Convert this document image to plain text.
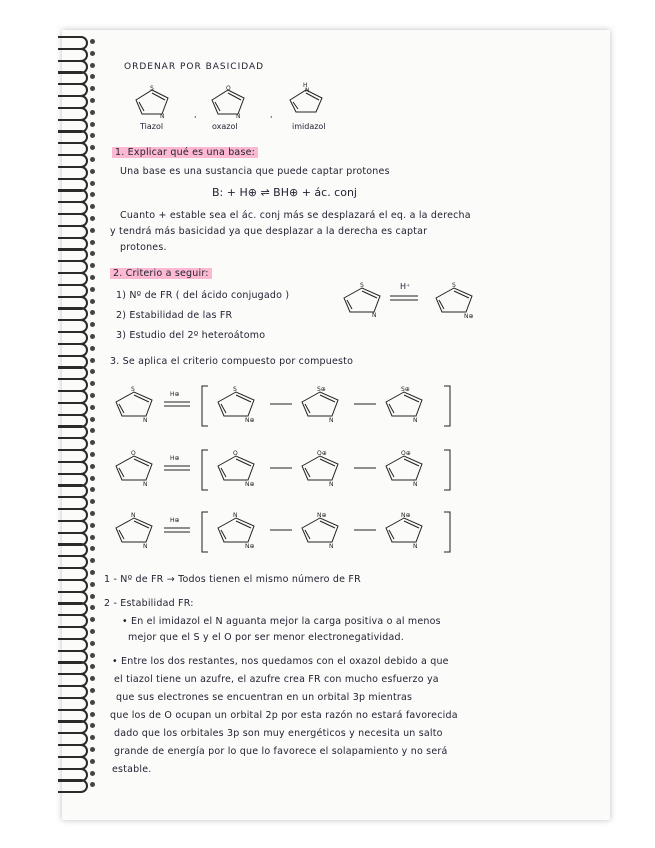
ORDENAR POR BASICIDAD
S
N
Tiazol
,
O
N
oxazol
,
H
N
imidazol
1. Explicar qué es una base:
Una base es una sustancia que puede captar protones
B: + H⊕ ⇌ BH⊕ + ác. conj
Cuanto + estable sea el ác. conj más se desplazará el eq. a la derecha
y tendrá más basicidad ya que desplazar a la derecha es captar
protones.
2. Criterio a seguir:
1) Nº de FR ( del ácido conjugado )
2) Estabilidad de las FR
3) Estudio del 2º heteroátomo
S
N
S
N⊕
H⁺
3. Se aplica el criterio compuesto por compuesto
S
N
H⊕
S
N⊕
S⊕
N
S⊕
N
O
N
H⊕
O
N⊕
O⊕
N
O⊕
N
N
N
H⊕
N
N⊕
N⊕
N
N⊕
N
1 - Nº de FR → Todos tienen el mismo número de FR
2 - Estabilidad FR:
• En el imidazol el N aguanta mejor la carga positiva o al menos
mejor que el S y el O por ser menor electronegatividad.
• Entre los dos restantes, nos quedamos con el oxazol debido a que
el tiazol tiene un azufre, el azufre crea FR con mucho esfuerzo ya
que sus electrones se encuentran en un orbital 3p mientras
que los de O ocupan un orbital 2p por esta razón no estará favorecida
dado que los orbitales 3p son muy energéticos y necesita un salto
grande de energía por lo que lo favorece el solapamiento y no será
estable.
